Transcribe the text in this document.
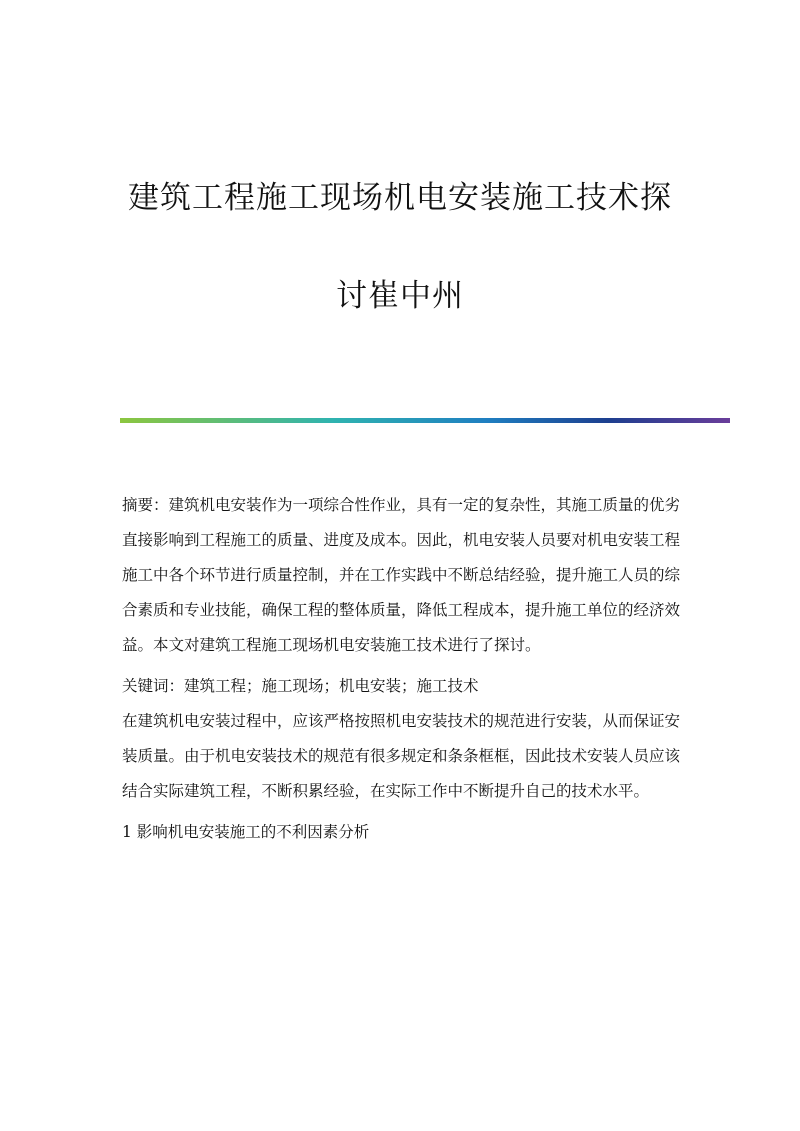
建筑工程施工现场机电安装施工技术探
讨崔中州

摘要：建筑机电安装作为一项综合性作业，具有一定的复杂性，其施工质量的优劣直接影响到工程施工的质量、进度及成本。因此，机电安装人员要对机电安装工程施工中各个环节进行质量控制，并在工作实践中不断总结经验，提升施工人员的综合素质和专业技能，确保工程的整体质量，降低工程成本，提升施工单位的经济效益。本文对建筑工程施工现场机电安装施工技术进行了探讨。

关键词：建筑工程；施工现场；机电安装；施工技术

在建筑机电安装过程中，应该严格按照机电安装技术的规范进行安装，从而保证安装质量。由于机电安装技术的规范有很多规定和条条框框，因此技术安装人员应该结合实际建筑工程，不断积累经验，在实际工作中不断提升自己的技术水平。

1 影响机电安装施工的不利因素分析
